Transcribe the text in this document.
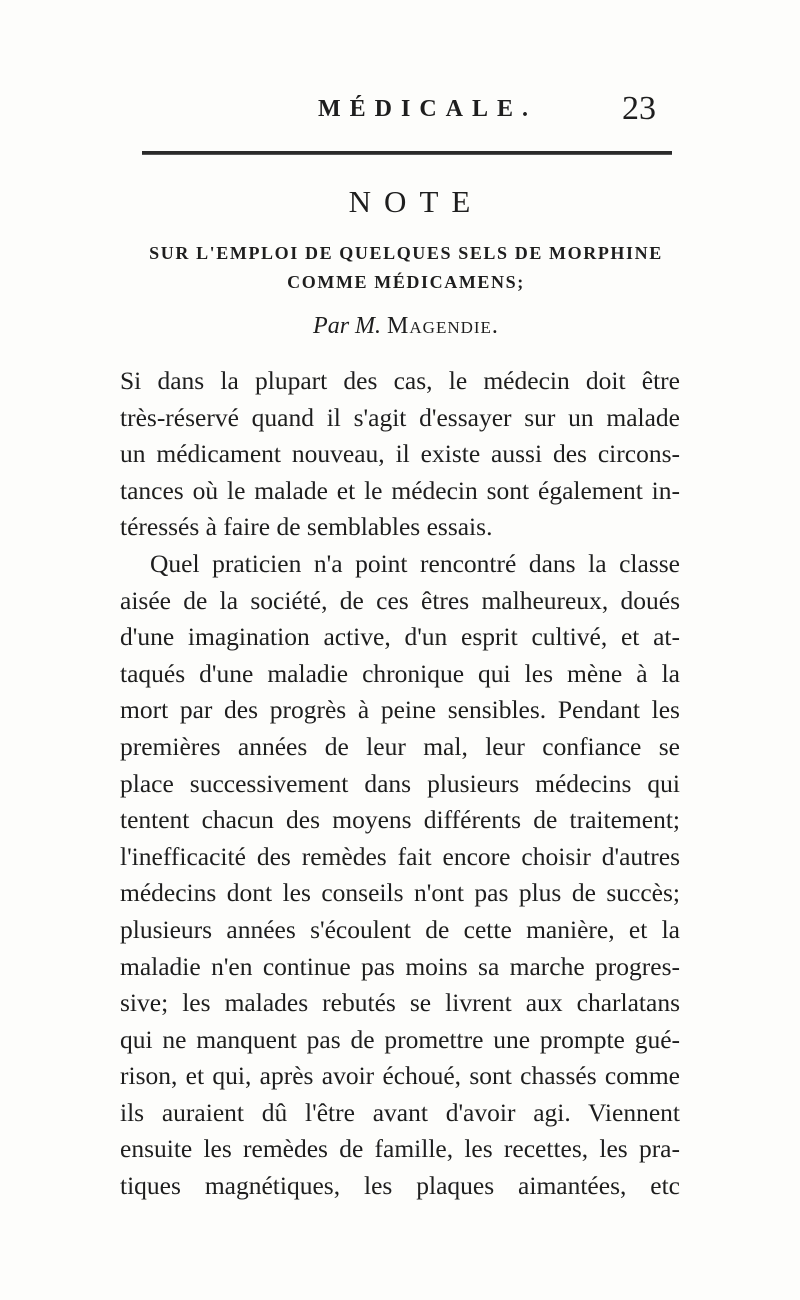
MÉDICALE. 23
NOTE
SUR L'EMPLOI DE QUELQUES SELS DE MORPHINE
COMME MÉDICAMENS;
Par M. Magendie.
Si dans la plupart des cas, le médecin doit être
très-réservé quand il s'agit d'essayer sur un malade
un médicament nouveau, il existe aussi des circons-
tances où le malade et le médecin sont également in-
téressés à faire de semblables essais.
Quel praticien n'a point rencontré dans la classe
aisée de la société, de ces êtres malheureux, doués
d'une imagination active, d'un esprit cultivé, et at-
taqués d'une maladie chronique qui les mène à la
mort par des progrès à peine sensibles. Pendant les
premières années de leur mal, leur confiance se
place successivement dans plusieurs médecins qui
tentent chacun des moyens différents de traitement;
l'inefficacité des remèdes fait encore choisir d'autres
médecins dont les conseils n'ont pas plus de succès;
plusieurs années s'écoulent de cette manière, et la
maladie n'en continue pas moins sa marche progres-
sive; les malades rebutés se livrent aux charlatans
qui ne manquent pas de promettre une prompte gué-
rison, et qui, après avoir échoué, sont chassés comme
ils auraient dû l'être avant d'avoir agi. Viennent
ensuite les remèdes de famille, les recettes, les pra-
tiques magnétiques, les plaques aimantées, etc
